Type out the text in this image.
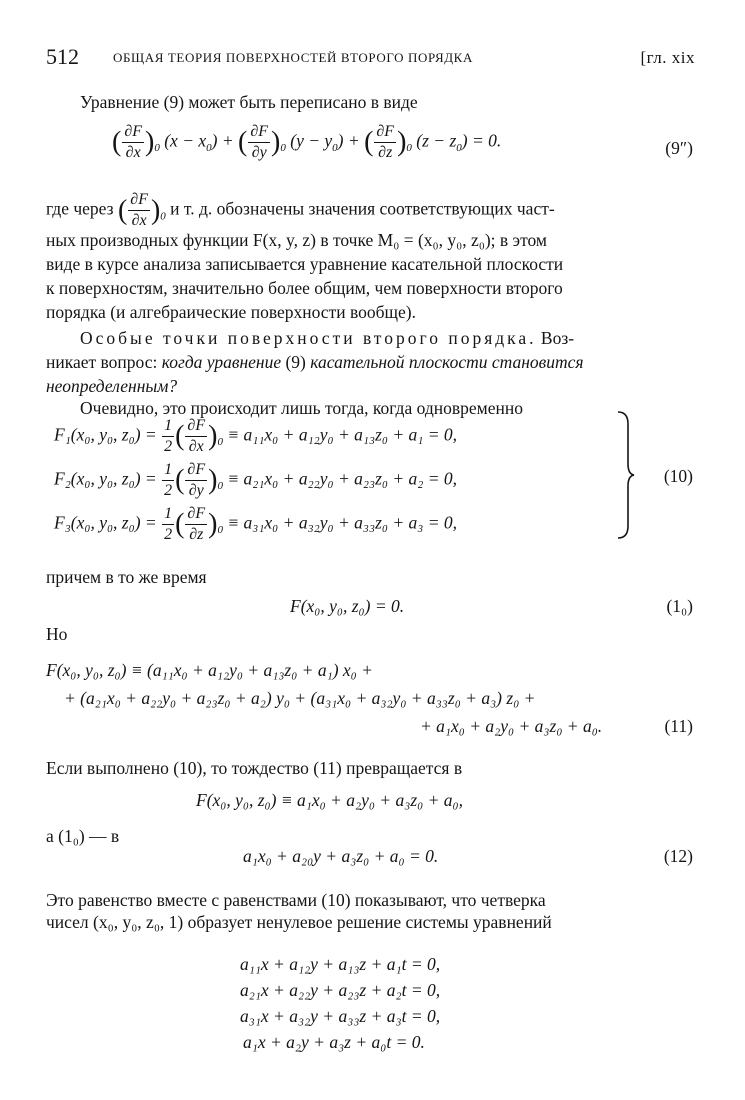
512	ОБЩАЯ ТЕОРИЯ ПОВЕРХНОСТЕЙ ВТОРОГО ПОРЯДКА	[гл. xix
Уравнение (9) может быть переписано в виде
( $\frac{\partial F}{\partial x} )_0$ $(x - x_0)$ + ( $\frac{\partial F}{\partial y} )_0$ $(y - y_0)$ + ( $\frac{\partial F}{\partial z} )_0$ $(z - z_0) = 0$.	(9″)
где через ( $\frac{\partial F}{\partial x} )_0$ и т. д. обозначены значения соответствующих част-
ных производных функции F(x, y, z) в точке M₀ = (x₀, y₀, z₀); в этом
виде в курсе анализа записывается уравнение касательной плоскости
к поверхностям, значительно более общим, чем поверхности второго
порядка (и алгебраические поверхности вообще).
Особые точки поверхности второго порядка. Воз-
никает вопрос: когда уравнение (9) касательной плоскости становится
неопределенным?
Очевидно, это происходит лишь тогда, когда одновременно
F₁(x₀, y₀, $z_0) = \frac{1}{2}$ ( $\frac{\partial F}{\partial x} )_0 \equiv a_{11}x_0 + a_{12}y_0 + a_{13}z_0 + a_1 = 0$,
F₂(x₀, y₀, $z_0) = \frac{1}{2}$ ( $\frac{\partial F}{\partial y} )_0 \equiv a_{21}x_0 + a_{22}y_0 + a_{23}z_0 + a_2 = 0$,
F₃(x₀, y₀, $z_0) = \frac{1}{2}$ ( $\frac{\partial F}{\partial z} )_0 \equiv a_{31}x_0 + a_{32}y_0 + a_{33}z_0 + a_3 = 0$,
(10)
причем в то же время
F(x₀, y₀, z₀) = 0.	(1₀)
Но
F(x₀, y₀, z₀) ≡ (a₁₁x₀ + a₁₂y₀ + a₁₃z₀ + a₁) x₀ +
+ (a₂₁x₀ + a₂₂y₀ + a₂₃z₀ + a₂) y₀ + (a₃₁x₀ + a₃₂y₀ + a₃₃z₀ + a₃) z₀ +
+ a₁x₀ + a₂y₀ + a₃z₀ + a₀.	(11)
Если выполнено (10), то тождество (11) превращается в
F(x₀, y₀, z₀) ≡ a₁x₀ + a₂y₀ + a₃z₀ + a₀,
а (1₀) — в
a₁x₀ + a₂₀y + a₃z₀ + a₀ = 0.	(12)
Это равенство вместе с равенствами (10) показывают, что четверка
чисел (x₀, y₀, z₀, 1) образует ненулевое решение системы уравнений
a₁₁x + a₁₂y + a₁₃z + a₁t = 0,
a₂₁x + a₂₂y + a₂₃z + a₂t = 0,
a₃₁x + a₃₂y + a₃₃z + a₃t = 0,
a₁x + a₂y + a₃z + a₀t = 0.
